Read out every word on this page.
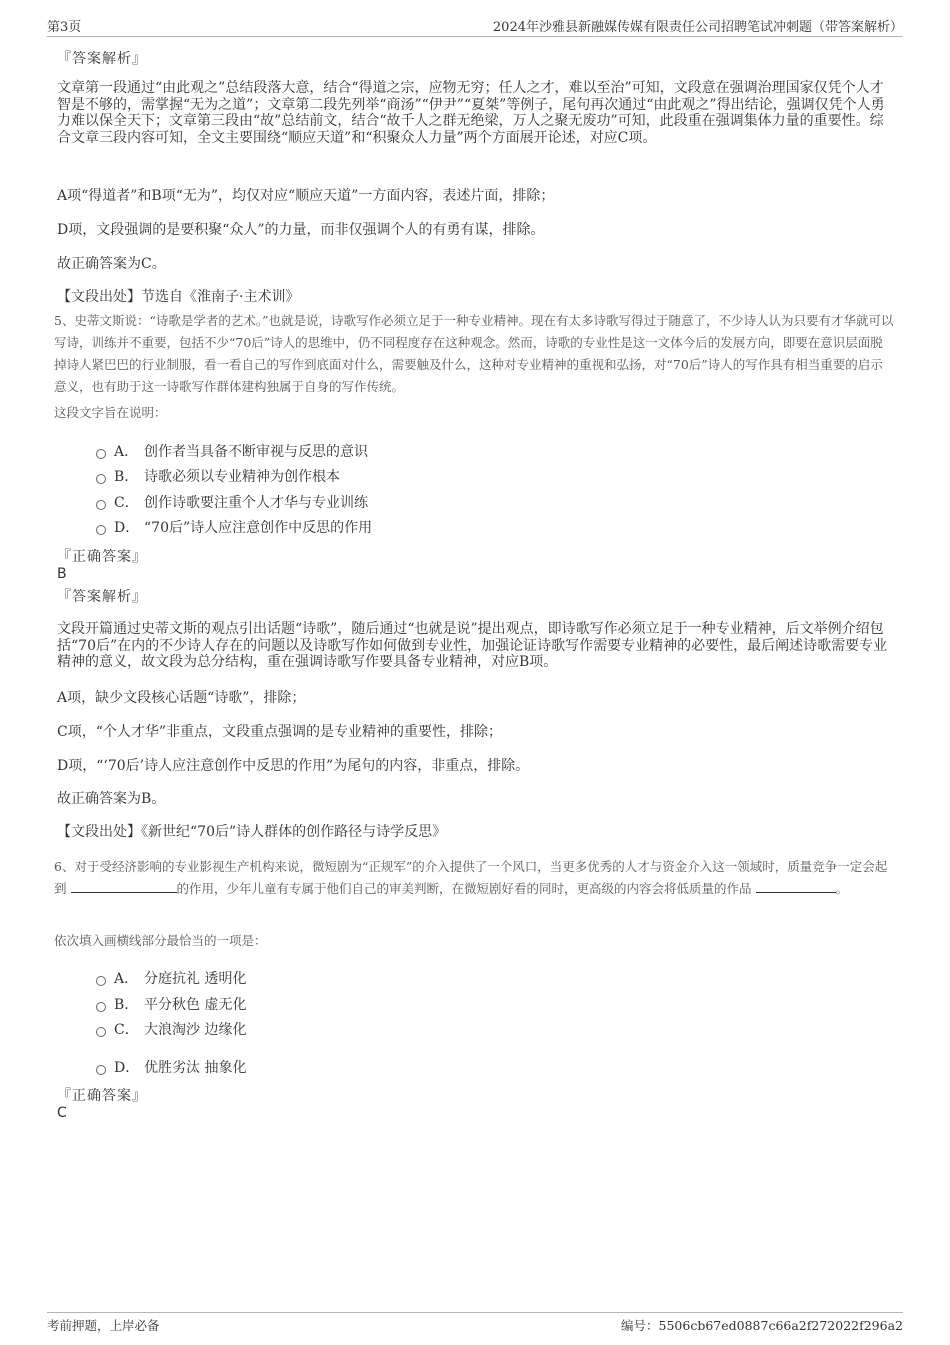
第3页	2024年沙雅县新融媒传媒有限责任公司招聘笔试冲刺题（带答案解析）
『答案解析』
文章第一段通过“由此观之”总结段落大意，结合“得道之宗，应物无穷；任人之才，难以至治”可知，文段意在强调治理国家仅凭个人才智是不够的，需掌握“无为之道”；文章第二段先列举“商汤”“伊尹”“夏桀”等例子，尾句再次通过“由此观之”得出结论，强调仅凭个人勇力难以保全天下；文章第三段由“故”总结前文，结合“故千人之群无绝梁，万人之聚无废功”可知，此段重在强调集体力量的重要性。综合文章三段内容可知，全文主要围绕“顺应天道”和“积聚众人力量”两个方面展开论述，对应C项。
A项“得道者”和B项“无为”，均仅对应“顺应天道”一方面内容，表述片面，排除；
D项，文段强调的是要积聚“众人”的力量，而非仅强调个人的有勇有谋，排除。
故正确答案为C。
【文段出处】节选自《淮南子·主术训》
5、史蒂文斯说：“诗歌是学者的艺术。”也就是说，诗歌写作必须立足于一种专业精神。现在有太多诗歌写得过于随意了，不少诗人认为只要有才华就可以写诗，训练并不重要，包括不少“70后”诗人的思维中，仍不同程度存在这种观念。然而，诗歌的专业性是这一文体今后的发展方向，即要在意识层面脱掉诗人紧巴巴的行业制服，看一看自己的写作到底面对什么，需要触及什么，这种对专业精神的重视和弘扬，对“70后”诗人的写作具有相当重要的启示意义，也有助于这一诗歌写作群体建构独属于自身的写作传统。
这段文字旨在说明：
A． 创作者当具备不断审视与反思的意识
B． 诗歌必须以专业精神为创作根本
C． 创作诗歌要注重个人才华与专业训练
D． “70后”诗人应注意创作中反思的作用
『正确答案』
B
『答案解析』
文段开篇通过史蒂文斯的观点引出话题“诗歌”，随后通过“也就是说”提出观点，即诗歌写作必须立足于一种专业精神，后文举例介绍包括“70后”在内的不少诗人存在的问题以及诗歌写作如何做到专业性，加强论证诗歌写作需要专业精神的必要性，最后阐述诗歌需要专业精神的意义，故文段为总分结构，重在强调诗歌写作要具备专业精神，对应B项。
A项，缺少文段核心话题“诗歌”，排除；
C项，“个人才华”非重点，文段重点强调的是专业精神的重要性，排除；
D项，“‘70后’诗人应注意创作中反思的作用”为尾句的内容，非重点，排除。
故正确答案为B。
【文段出处】《新世纪“70后”诗人群体的创作路径与诗学反思》
6、对于受经济影响的专业影视生产机构来说，微短剧为“正规军”的介入提供了一个风口，当更多优秀的人才与资金介入这一领域时，质量竞争一定会起到	的作用，少年儿童有专属于他们自己的审美判断，在微短剧好看的同时，更高级的内容会将低质量的作品	。
依次填入画横线部分最恰当的一项是：
A． 分庭抗礼 透明化
B． 平分秋色 虚无化
C． 大浪淘沙 边缘化
D． 优胜劣汰 抽象化
『正确答案』
C
考前押题，上岸必备	编号：5506cb67ed0887c66a2f272022f296a2
